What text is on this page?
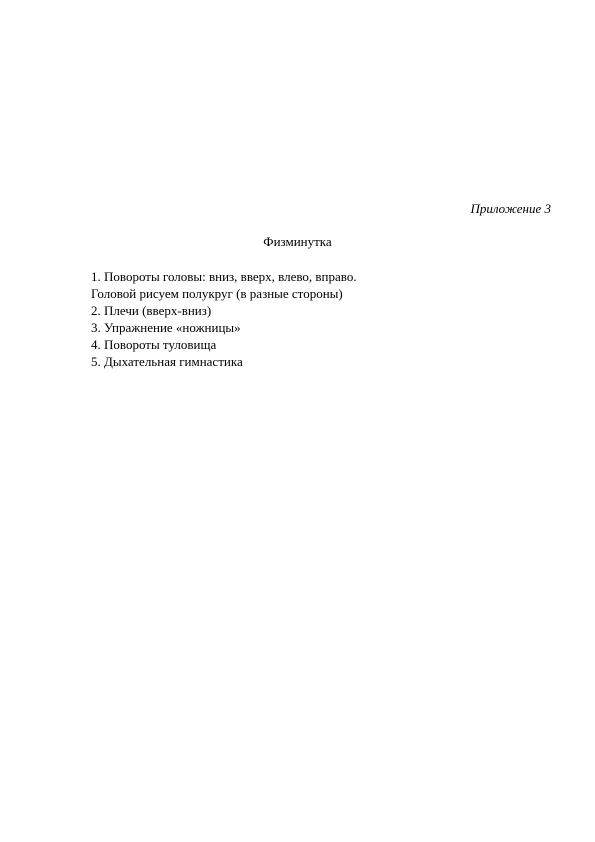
Приложение 3
Физминутка
1. Повороты головы: вниз, вверх, влево, вправо.
Головой рисуем полукруг (в разные стороны)
2. Плечи (вверх-вниз)
3. Упражнение «ножницы»
4. Повороты туловища
5. Дыхательная гимнастика
